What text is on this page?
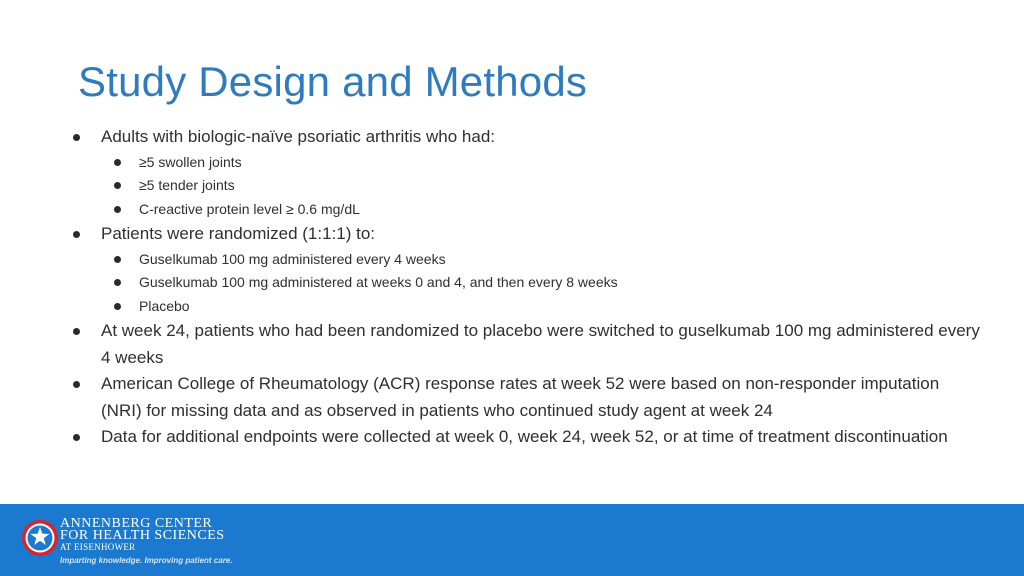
Study Design and Methods
Adults with biologic-naïve psoriatic arthritis who had:
≥5 swollen joints
≥5 tender joints
C-reactive protein level ≥ 0.6 mg/dL
Patients were randomized (1:1:1) to:
Guselkumab 100 mg administered every 4 weeks
Guselkumab 100 mg administered at weeks 0 and 4, and then every 8 weeks
Placebo
At week 24, patients who had been randomized to placebo were switched to guselkumab 100 mg administered every 4 weeks
American College of Rheumatology (ACR) response rates at week 52 were based on non-responder imputation (NRI) for missing data and as observed in patients who continued study agent at week 24
Data for additional endpoints were collected at week 0, week 24, week 52, or at time of treatment discontinuation
ANNENBERG CENTER
FOR HEALTH SCIENCES
AT EISENHOWER
Imparting knowledge. Improving patient care.
